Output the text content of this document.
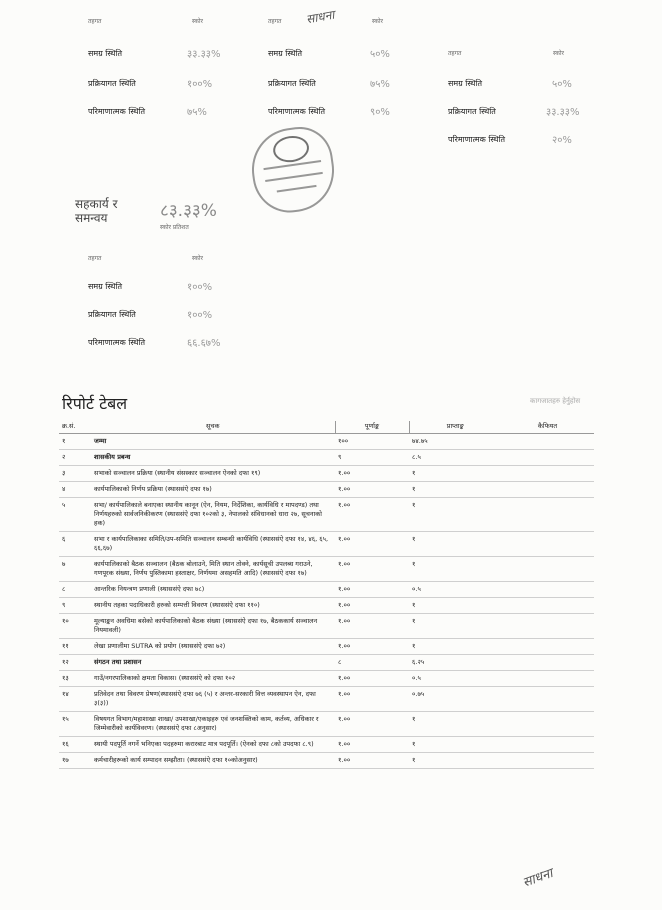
तहगत	स्कोर
समग्र स्थिति	३३.३३%
प्रक्रियागत स्थिति	१००%
परिमाणात्मक स्थिति	७५%
तहगत	स्कोर
समग्र स्थिति	५०%
प्रक्रियागत स्थिति	७५%
परिमाणात्मक स्थिति	९०%
तहगत	स्कोर
समग्र स्थिति	५०%
प्रक्रियागत स्थिति	३३.३३%
परिमाणात्मक स्थिति	२०%
साधना
साधना
सहकार्य र समन्वय	८३.३३%
स्कोर प्रतिशत
तहगत	स्कोर
समग्र स्थिति	१००%
प्रक्रियागत स्थिति	१००%
परिमाणात्मक स्थिति	६६.६७%
रिपोर्ट टेबल	कागजातहरु हेर्नुहोस
क्र.सं.	सूचक	पूर्णाङ्क	प्राप्ताङ्क	कैफियत
१	जम्मा	१००	७४.७५	
२	शासकीय प्रबन्ध	९	८.५	
३	सभाको सञ्चालन प्रक्रिया (स्थानीय संसस्कार सञ्चालन ऐनको दफा १९)	१.००	१	
४	कार्यपालिकाको निर्णय प्रक्रिया (स्थाससंऐ दफा १७)	१.००	१	
५	सभा/ कार्यपालिकाले बनाएका स्थानीय कानून (ऐन, नियम, निर्देशिका, कार्यविधि र मापदण्ड) तथा निर्णयहरुको सार्वजनिकीकरण (स्थाससंऐ दफा १०२को ३, नेपालको संविधानको धारा २७, सूचनाको हक)	१.००	१	
६	सभा र कार्यपालिकाका समिति/उप-समिति सञ्चालन सम्बन्धी कार्यविधि (स्थाससंऐ दफा १४, ४६, ६५, ६६,६७)	१.००	१	
७	कार्यपालिकाको बैठक सञ्चालन (बैठक बोलाउने, मिति स्थान तोक्ने, कार्यसूची उपलब्ध गराउने, गणपूरक संख्या, निर्णय पुस्तिकामा हस्ताक्षर, निर्णयमा असहमति आदि) (स्थाससंऐ दफा १७)	१.००	१	
८	आन्तरिक नियन्त्रण प्रणाली (स्थाससंऐ दफा ७८)	१.००	०.५	
९	स्थानीय तहका पदाधिकारी हरुको सम्पत्ती विवरण (स्थाससंऐ दफा ११०)	१.००	१	
१०	मूल्याङ्कन अवधिमा बसेको कार्यपालिकाको बैठक संख्या (स्थाससंऐ दफा १७, बैठककार्य सञ्चालन नियमावली)	१.००	१	
११	लेखा प्रणालीमा SUTRA को प्रयोग (स्थाससंऐ दफा ७२)	१.००	१	
१२	संगठन तथा प्रशासन	८	६.२५	
१३	गाउँ/नगरपालिकाको क्षमता विकास। (स्थाससंऐ को दफा १०२	१.००	०.५	
१४	प्रतिवेदन तथा विवरण प्रेषण(स्थाससंऐ दफा ७६ (५) र अन्तर-सरकारी वित्त व्यवस्थापन ऐन, दफा ३(३))	१.००	०.७५	
१५	विषयगत विभाग/महाशाखा शाखा/ उपशाखा/एकाइहरु एवं जनशक्तिको काम, कर्तव्य, अधिकार र जिम्मेवारीको कार्यविवरण। (स्थाससंऐ दफा ८अनुसार)	१.००	१	
१६	स्थायी पदपूर्ति नगर्ने भनिएका पदहरुमा करारबाट मात्र पदपूर्ति। (ऐनको दफा ८को उपदफा ८.९)	१.००	१	
१७	कर्मचारीहरूको कार्य सम्पादन सम्झौता। (स्थाससंऐ दफा १०कोअनुसार)	१.००	१	
